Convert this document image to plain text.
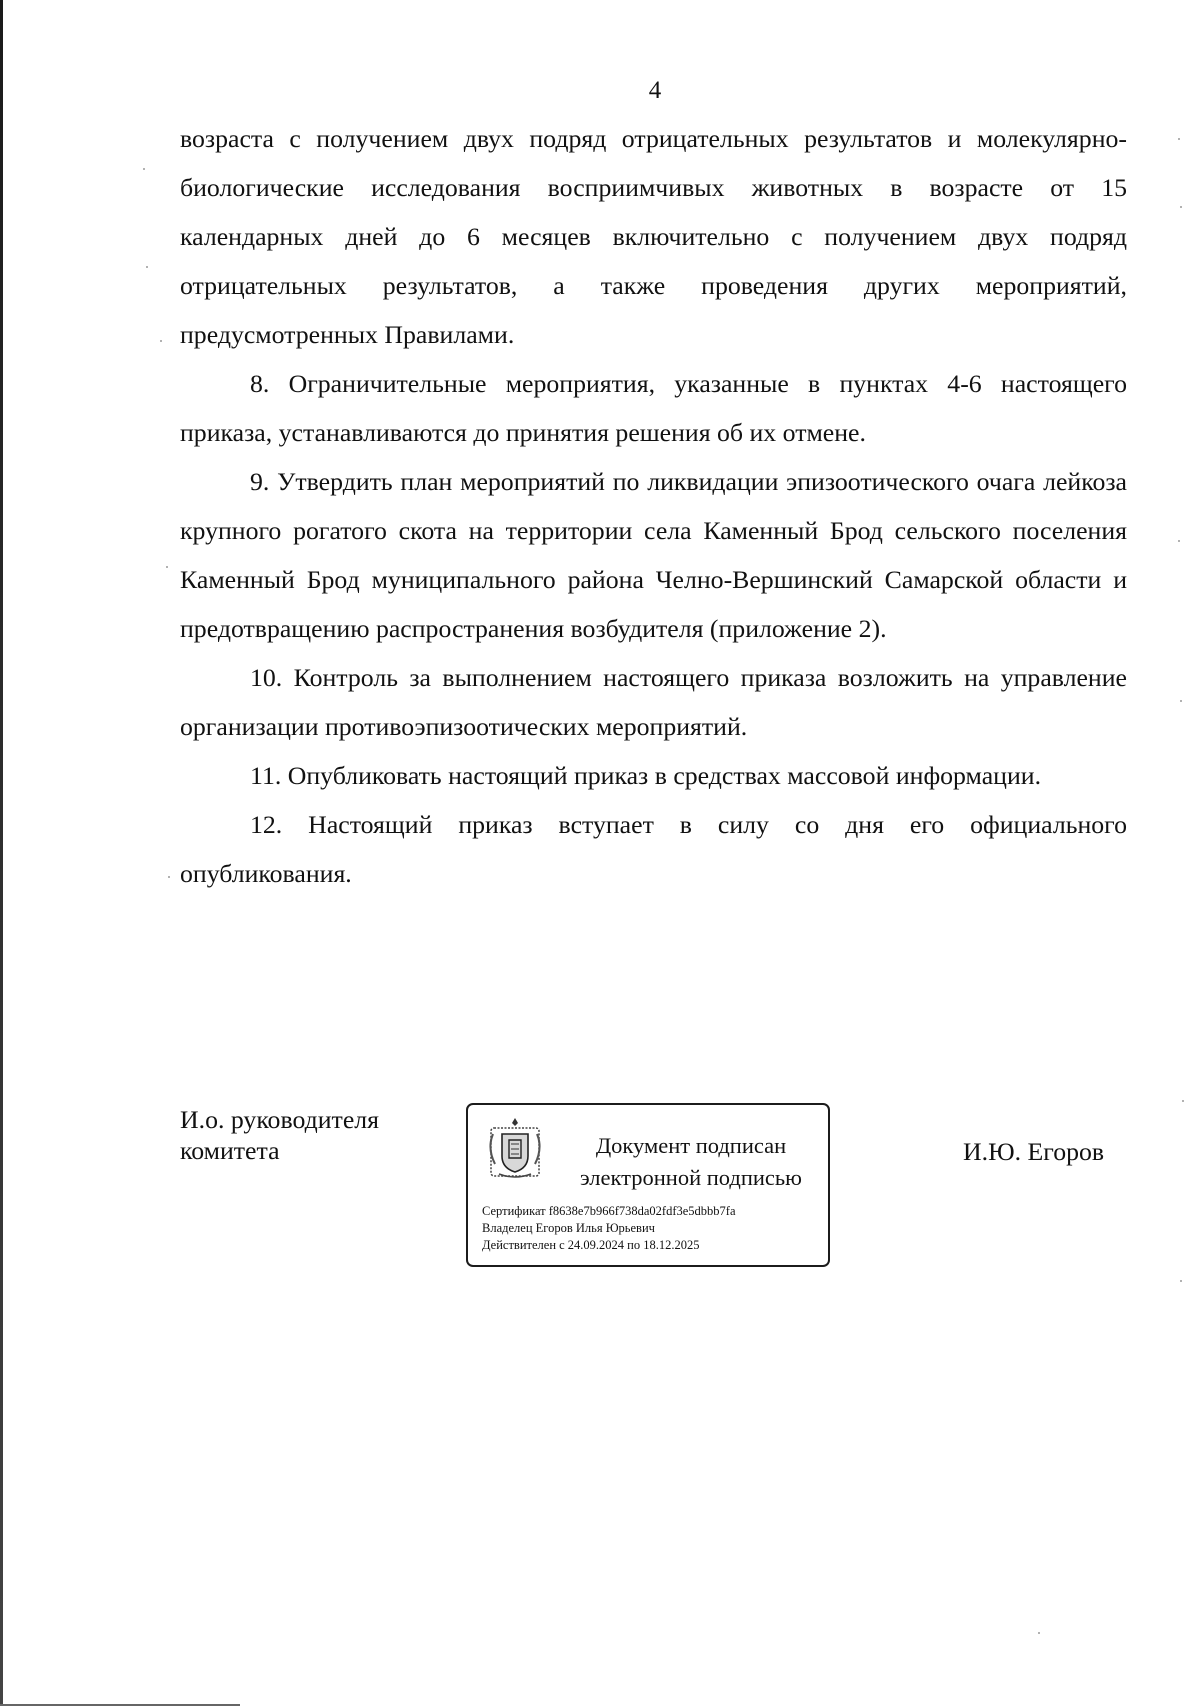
4

возраста с получением двух подряд отрицательных результатов и молекулярно-биологические исследования восприимчивых животных в возрасте от 15 календарных дней до 6 месяцев включительно с получением двух подряд отрицательных результатов, а также проведения других мероприятий, предусмотренных Правилами.

8. Ограничительные мероприятия, указанные в пунктах 4-6 настоящего приказа, устанавливаются до принятия решения об их отмене.

9. Утвердить план мероприятий по ликвидации эпизоотического очага лейкоза крупного рогатого скота на территории села Каменный Брод сельского поселения Каменный Брод муниципального района Челно-Вершинский Самарской области и предотвращению распространения возбудителя (приложение 2).

10. Контроль за выполнением настоящего приказа возложить на управление организации противоэпизоотических мероприятий.

11. Опубликовать настоящий приказ в средствах массовой информации.

12. Настоящий приказ вступает в силу со дня его официального опубликования.

И.о. руководителя
комитета	Документ подписан
электронной подписью
Сертификат f8638e7b966f738da02fdf3e5dbbb7fa
Владелец Егоров Илья Юрьевич
Действителен с 24.09.2024 по 18.12.2025
И.Ю. Егоров
